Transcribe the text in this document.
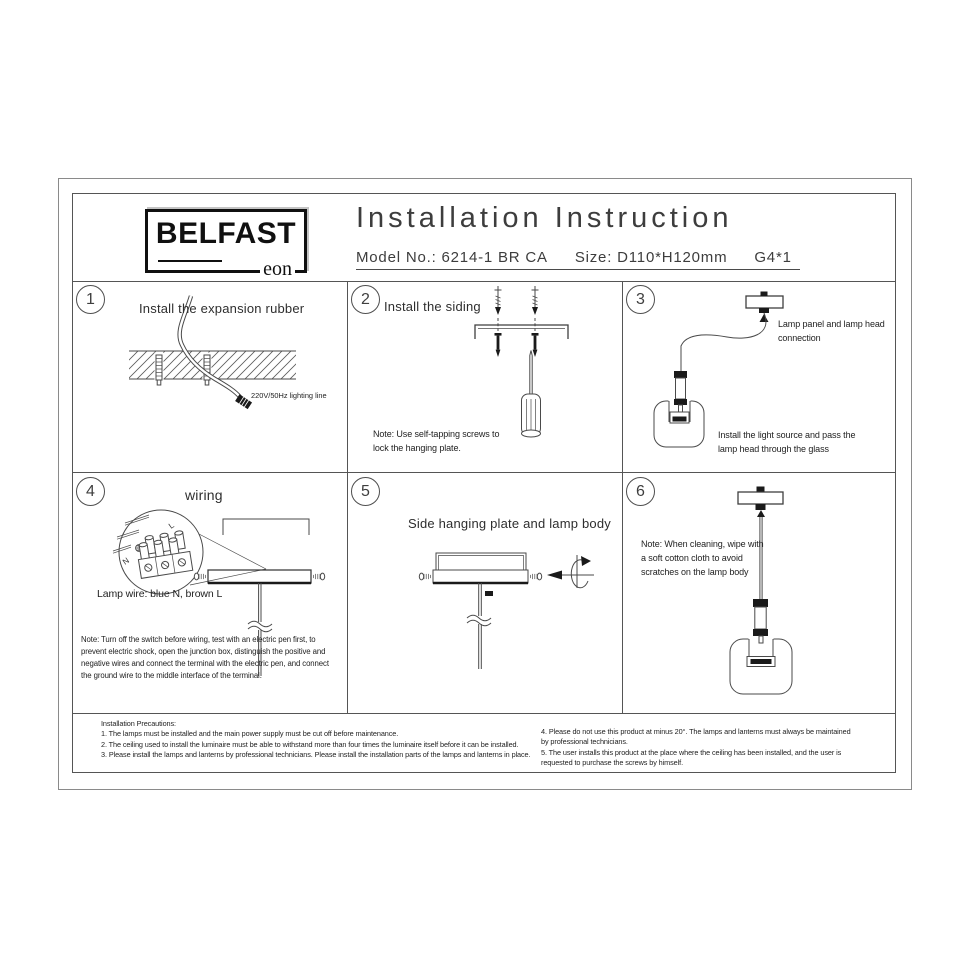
BELFAST
eon
Installation Instruction
Model No.: 6214-1 BR CA Size: D110*H120mm G4*1
220V/50Hz lighting line
1
Install the expansion rubber
2	Install the siding
Note: Use self-tapping screws to
lock the hanging plate.
3
Lamp panel and lamp head
connection
Install the light source and pass the
lamp head through the glass
L
N
4	wiring
Lamp wire: blue N, brown L
Note: Turn off the switch before wiring, test with an electric pen first, to
prevent electric shock, open the junction box, distinguish the positive and
negative wires and connect the terminal with the electric pen, and connect
the ground wire to the middle interface of the terminal.
5
Side hanging plate and lamp body
6
Note: When cleaning, wipe with
a soft cotton cloth to avoid
scratches on the lamp body
Installation Precautions:
1. The lamps must be installed and the main power supply must be cut off before maintenance.
2. The ceiling used to install the luminaire must be able to withstand more than four times the luminaire itself before it can be installed.
3. Please install the lamps and lanterns by professional technicians. Please install the installation parts of the lamps and lanterns in place.
4. Please do not use this product at minus 20°. The lamps and lanterns must always be maintained
by professional technicians.
5. The user installs this product at the place where the ceiling has been installed, and the user is
requested to purchase the screws by himself.
